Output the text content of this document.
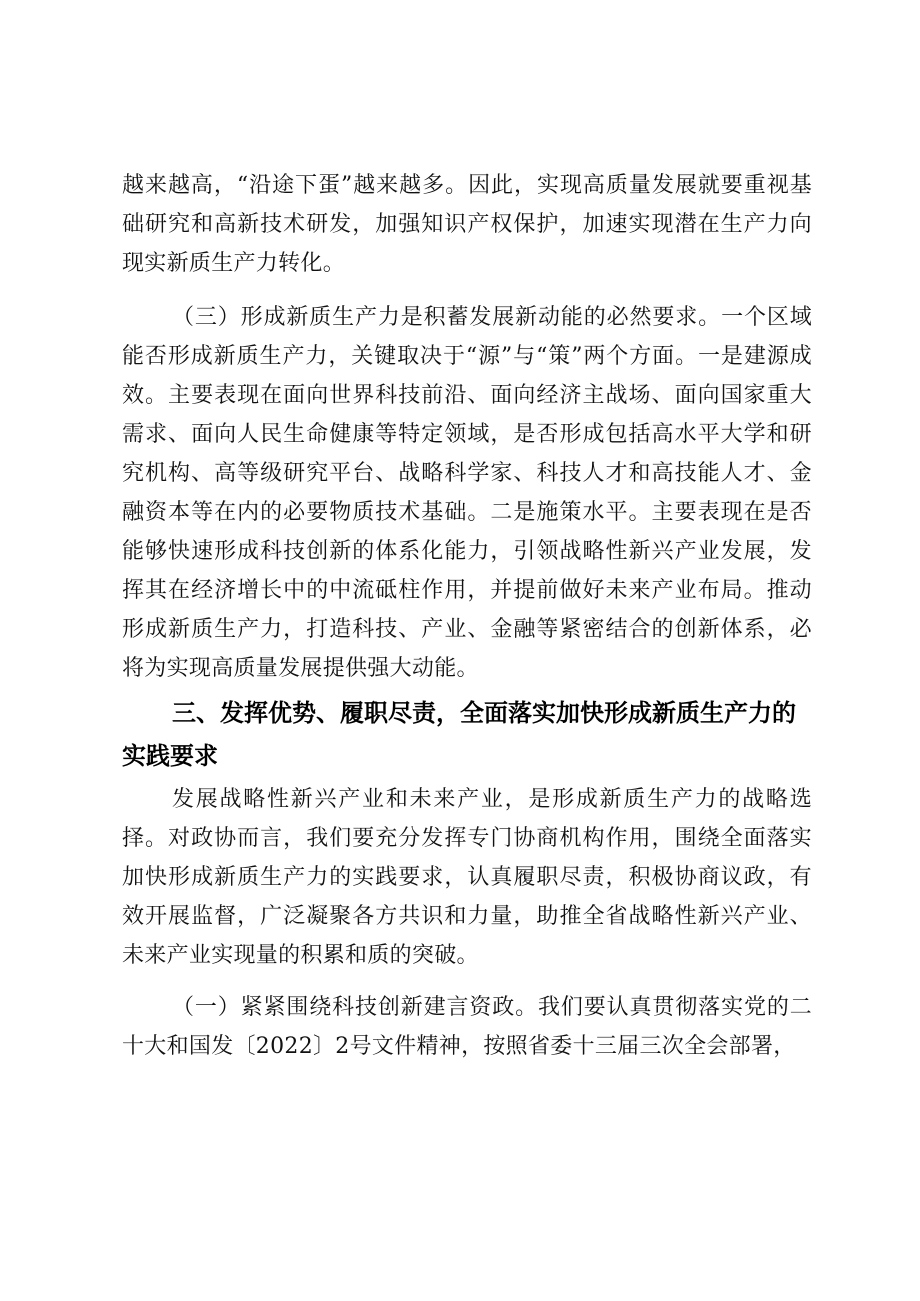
越来越高，“沿途下蛋”越来越多。因此，实现高质量发展就要重视基础研究和高新技术研发，加强知识产权保护，加速实现潜在生产力向现实新质生产力转化。

（三）形成新质生产力是积蓄发展新动能的必然要求。一个区域能否形成新质生产力，关键取决于“源”与“策”两个方面。一是建源成效。主要表现在面向世界科技前沿、面向经济主战场、面向国家重大需求、面向人民生命健康等特定领域，是否形成包括高水平大学和研究机构、高等级研究平台、战略科学家、科技人才和高技能人才、金融资本等在内的必要物质技术基础。二是施策水平。主要表现在是否能够快速形成科技创新的体系化能力，引领战略性新兴产业发展，发挥其在经济增长中的中流砥柱作用，并提前做好未来产业布局。推动形成新质生产力，打造科技、产业、金融等紧密结合的创新体系，必将为实现高质量发展提供强大动能。

三、发挥优势、履职尽责，全面落实加快形成新质生产力的实践要求

发展战略性新兴产业和未来产业，是形成新质生产力的战略选择。对政协而言，我们要充分发挥专门协商机构作用，围绕全面落实加快形成新质生产力的实践要求，认真履职尽责，积极协商议政，有效开展监督，广泛凝聚各方共识和力量，助推全省战略性新兴产业、未来产业实现量的积累和质的突破。

（一）紧紧围绕科技创新建言资政。我们要认真贯彻落实党的二十大和国发〔2022〕2号文件精神，按照省委十三届三次全会部署，
